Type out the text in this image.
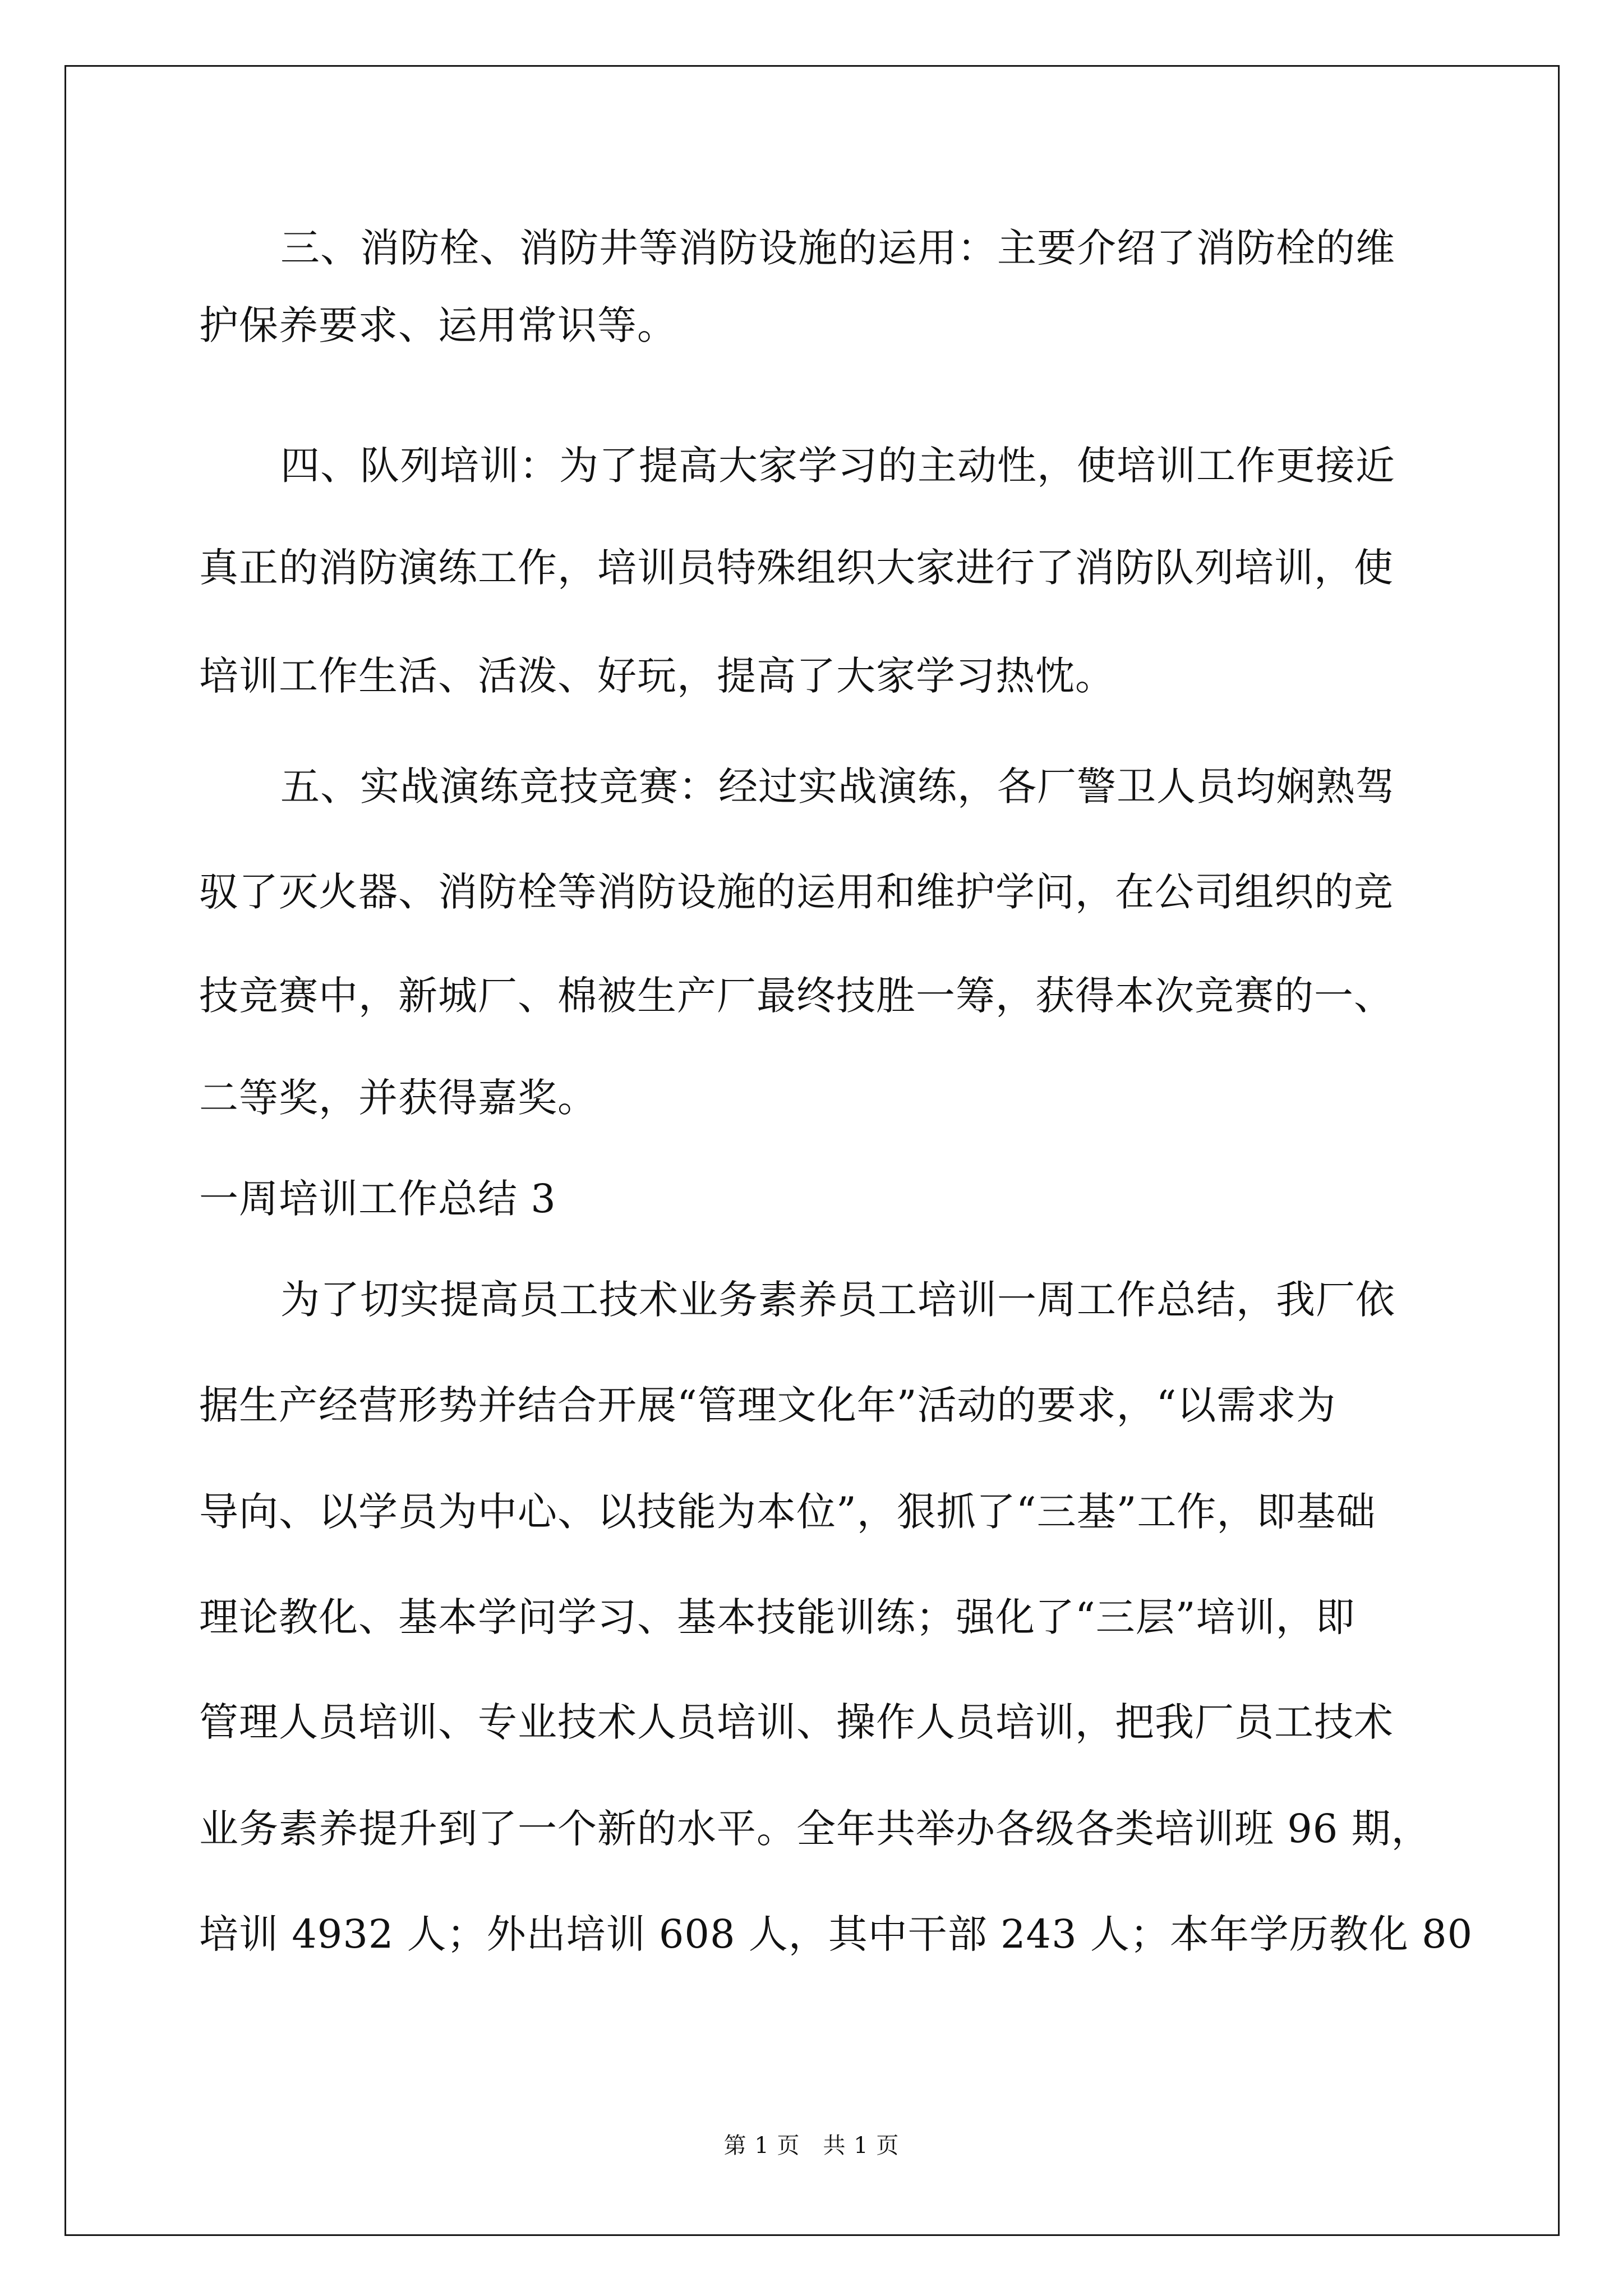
三、消防栓、消防井等消防设施的运用：主要介绍了消防栓的维
护保养要求、运用常识等。
四、队列培训：为了提高大家学习的主动性，使培训工作更接近
真正的消防演练工作，培训员特殊组织大家进行了消防队列培训，使
培训工作生活、活泼、好玩，提高了大家学习热忱。
五、实战演练竞技竞赛：经过实战演练，各厂警卫人员均娴熟驾
驭了灭火器、消防栓等消防设施的运用和维护学问，在公司组织的竞
技竞赛中，新城厂、棉被生产厂最终技胜一筹，获得本次竞赛的一、
二等奖，并获得嘉奖。
一周培训工作总结 3
为了切实提高员工技术业务素养员工培训一周工作总结，我厂依
据生产经营形势并结合开展“管理文化年”活动的要求，“以需求为
导向、以学员为中心、以技能为本位”，狠抓了“三基”工作，即基础
理论教化、基本学问学习、基本技能训练；强化了“三层”培训，即
管理人员培训、专业技术人员培训、操作人员培训，把我厂员工技术
业务素养提升到了一个新的水平。全年共举办各级各类培训班 96 期，
培训 4932 人；外出培训 608 人，其中干部 243 人；本年学历教化 80
第 1 页　共 1 页
